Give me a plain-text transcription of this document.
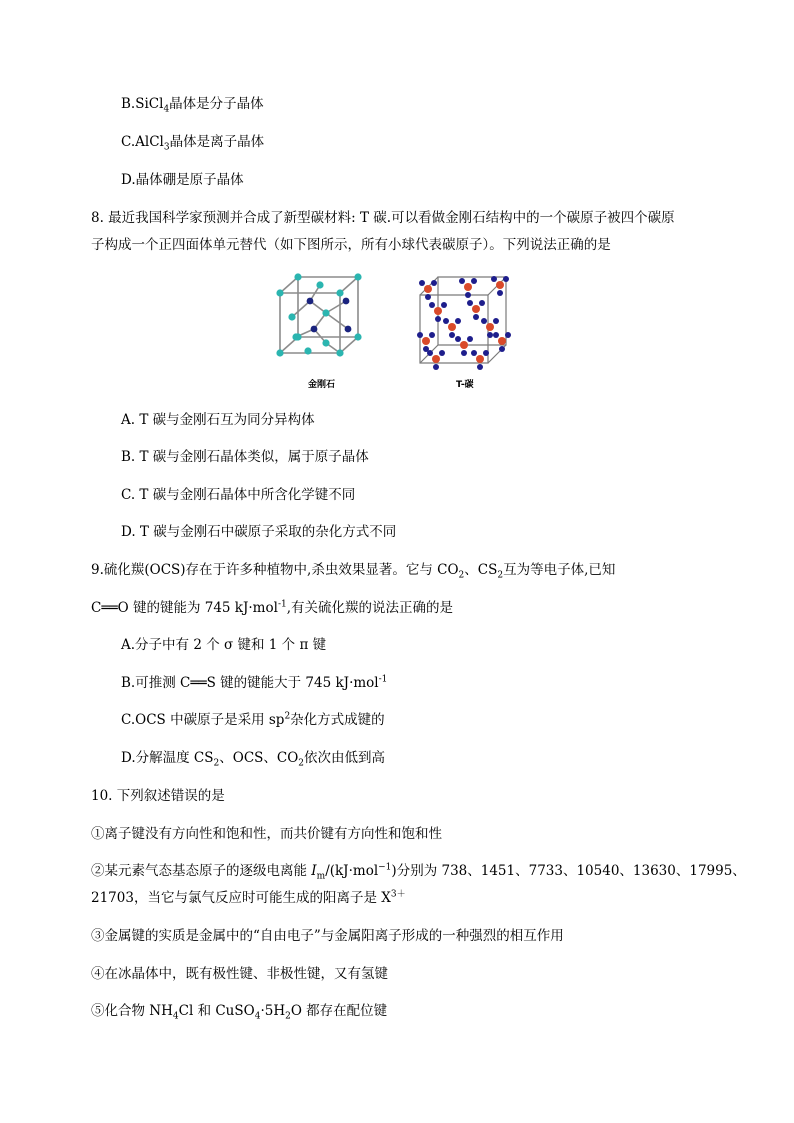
B.SiCl$_4$晶体是分子晶体
C.AlCl$_3$晶体是离子晶体
D.晶体硼是原子晶体
8. 最近我国科学家预测并合成了新型碳材料: T 碳.可以看做金刚石结构中的一个碳原子被四个碳原
子构成一个正四面体单元替代（如下图所示，所有小球代表碳原子）。下列说法正确的是
金刚石	T-碳
A. T 碳与金刚石互为同分异构体
B. T 碳与金刚石晶体类似，属于原子晶体
C. T 碳与金刚石晶体中所含化学键不同
D. T 碳与金刚石中碳原子采取的杂化方式不同
9.硫化羰(OCS)存在于许多种植物中,杀虫效果显著。它与 $CO_2$、$CS_2$互为等电子体,已知
C══O 键的键能为 745 kJ·mol$^{-1}$,有关硫化羰的说法正确的是
A.分子中有 2 个 σ 键和 1 个 π 键
B.可推测 C══S 键的键能大于 745 kJ·mol$^{-1}$
C.OCS 中碳原子是采用 $sp^2$杂化方式成键的
D.分解温度 $CS_2$、OCS、$CO_2$依次由低到高
10. 下列叙述错误的是
①离子键没有方向性和饱和性，而共价键有方向性和饱和性
②某元素气态基态原子的逐级电离能 $I_m/(kJ\cdot mol^{-1})$分别为 738、1451、7733、10540、13630、17995、
21703，当它与氯气反应时可能生成的阳离子是 $X^{3+}$
③金属键的实质是金属中的“自由电子”与金属阳离子形成的一种强烈的相互作用
④在冰晶体中，既有极性键、非极性键，又有氢键
⑤化合物 $NH_4Cl$ 和 $CuSO_4\cdot 5H_2O$ 都存在配位键
